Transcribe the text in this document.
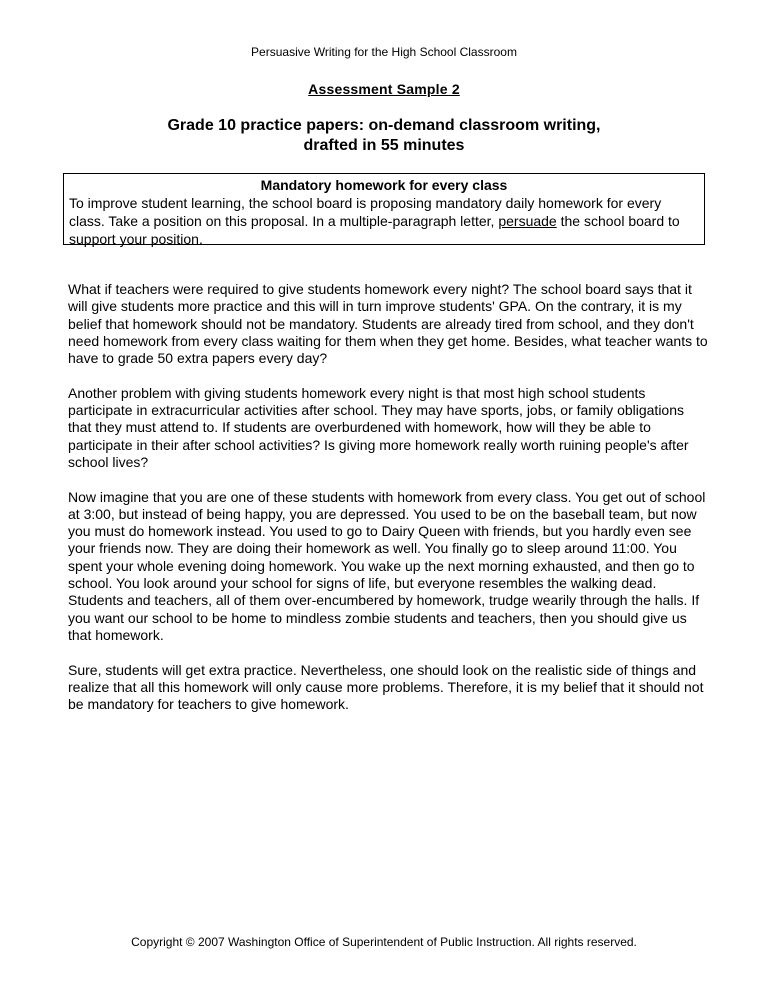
Persuasive Writing for the High School Classroom
Assessment Sample 2
Grade 10 practice papers: on-demand classroom writing,
drafted in 55 minutes
Mandatory homework for every class
To improve student learning, the school board is proposing mandatory daily homework for every class. Take a position on this proposal. In a multiple-paragraph letter, persuade the school board to support your position.

What if teachers were required to give students homework every night? The school board says that it will give students more practice and this will in turn improve students' GPA. On the contrary, it is my belief that homework should not be mandatory. Students are already tired from school, and they don't need homework from every class waiting for them when they get home. Besides, what teacher wants to have to grade 50 extra papers every day?

Another problem with giving students homework every night is that most high school students participate in extracurricular activities after school. They may have sports, jobs, or family obligations that they must attend to. If students are overburdened with homework, how will they be able to participate in their after school activities? Is giving more homework really worth ruining people's after school lives?

Now imagine that you are one of these students with homework from every class. You get out of school at 3:00, but instead of being happy, you are depressed. You used to be on the baseball team, but now you must do homework instead. You used to go to Dairy Queen with friends, but you hardly even see your friends now. They are doing their homework as well. You finally go to sleep around 11:00. You spent your whole evening doing homework. You wake up the next morning exhausted, and then go to school. You look around your school for signs of life, but everyone resembles the walking dead. Students and teachers, all of them over-encumbered by homework, trudge wearily through the halls. If you want our school to be home to mindless zombie students and teachers, then you should give us that homework.

Sure, students will get extra practice. Nevertheless, one should look on the realistic side of things and realize that all this homework will only cause more problems. Therefore, it is my belief that it should not be mandatory for teachers to give homework.

Copyright © 2007 Washington Office of Superintendent of Public Instruction. All rights reserved.
